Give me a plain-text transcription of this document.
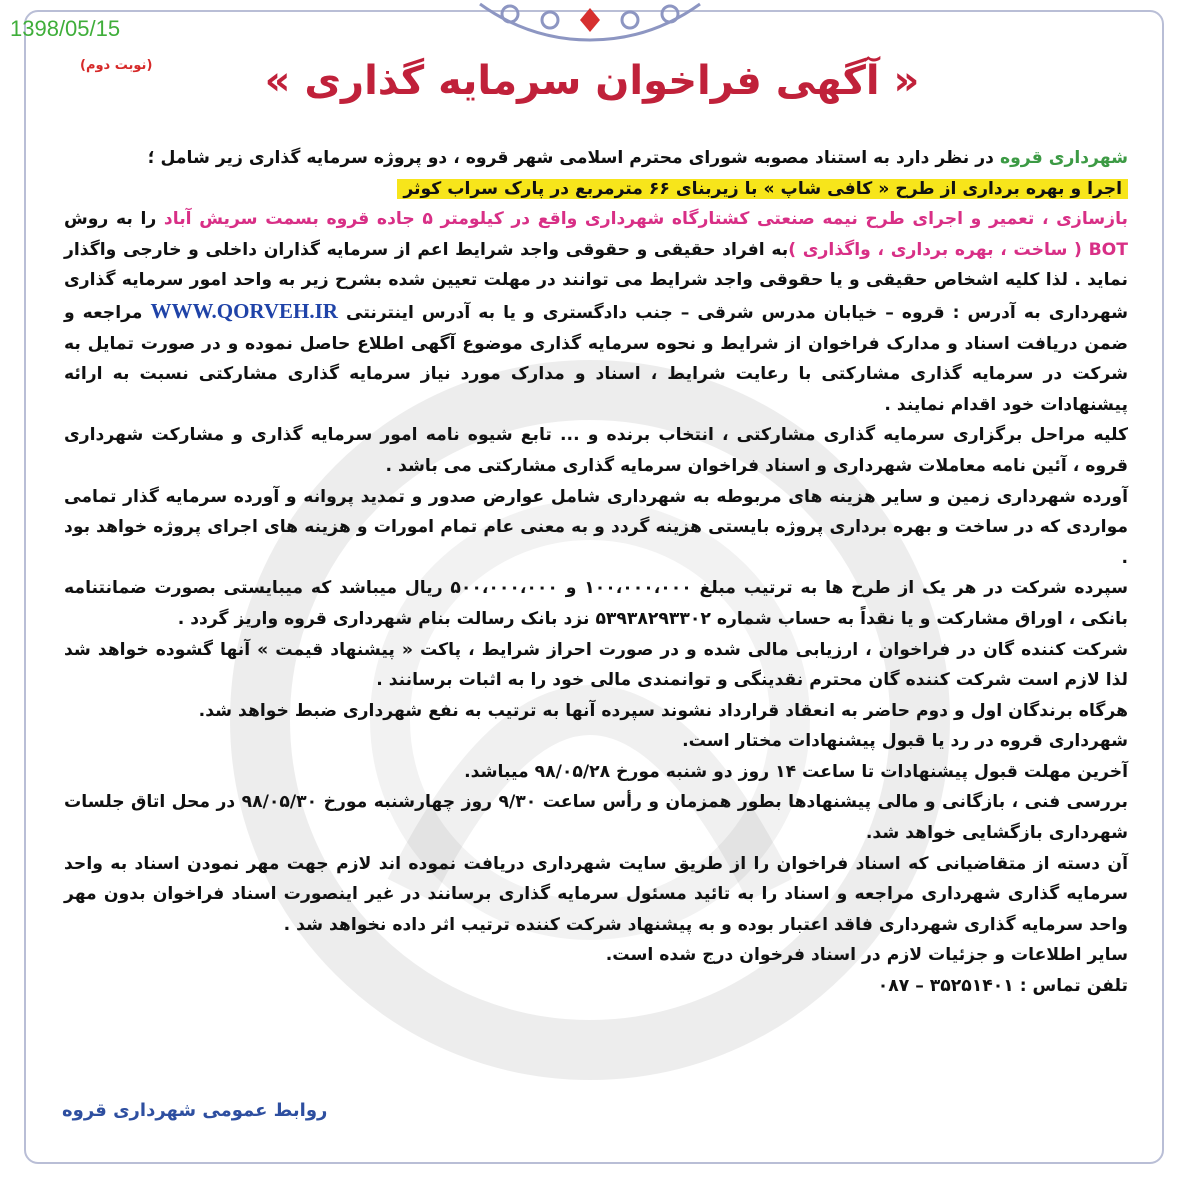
1398/05/15
(نوبت دوم)	« آگهی فراخوان سرمایه گذاری »

شهرداری قروه در نظر دارد به استناد مصوبه شورای محترم اسلامی شهر قروه ، دو پروژه سرمایه گذاری زیر شامل ؛

اجرا و بهره برداری از طرح « کافی شاپ » با زیربنای ۶۶ مترمربع در پارک سراب کوثر

بازسازی ، تعمیر و اجرای طرح نیمه صنعتی کشتارگاه شهرداری واقع در کیلومتر ۵ جاده قروه بسمت سریش آباد را به روش BOT ( ساخت ، بهره برداری ، واگذاری )به افراد حقیقی و حقوقی واجد شرایط اعم از سرمایه گذاران داخلی و خارجی واگذار نماید . لذا کلیه اشخاص حقیقی و یا حقوقی واجد شرایط می توانند در مهلت تعیین شده بشرح زیر به واحد امور سرمایه گذاری شهرداری به آدرس : قروه – خیابان مدرس شرقی – جنب دادگستری و یا به آدرس اینترنتی WWW.QORVEH.IR مراجعه و ضمن دریافت اسناد و مدارک فراخوان از شرایط و نحوه سرمایه گذاری موضوع آگهی اطلاع حاصل نموده و در صورت تمایل به شرکت در سرمایه گذاری مشارکتی با رعایت شرایط ، اسناد و مدارک مورد نیاز سرمایه گذاری مشارکتی نسبت به ارائه پیشنهادات خود اقدام نمایند .

کلیه مراحل برگزاری سرمایه گذاری مشارکتی ، انتخاب برنده و ... تابع شیوه نامه امور سرمایه گذاری و مشارکت شهرداری قروه ، آئین نامه معاملات شهرداری و اسناد فراخوان سرمایه گذاری مشارکتی می باشد .

آورده شهرداری زمین و سایر هزینه های مربوطه به شهرداری شامل عوارض صدور و تمدید پروانه و آورده سرمایه گذار تمامی مواردی که در ساخت و بهره برداری پروژه بایستی هزینه گردد و به معنی عام تمام امورات و هزینه های اجرای پروژه خواهد بود .

سپرده شرکت در هر یک از طرح ها به ترتیب مبلغ ۱۰۰،۰۰۰،۰۰۰ و ۵۰۰،۰۰۰،۰۰۰ ریال میباشد که میبایستی بصورت ضمانتنامه بانکی ، اوراق مشارکت و یا نقداً به حساب شماره ۵۳۹۳۸۲۹۳۳۰۲ نزد بانک رسالت بنام شهرداری قروه واریز گردد .

شرکت کننده گان در فراخوان ، ارزیابی مالی شده و در صورت احراز شرایط ، پاکت « پیشنهاد قیمت » آنها گشوده خواهد شد لذا لازم است شرکت کننده گان محترم نقدینگی و توانمندی مالی خود را به اثبات برسانند .

هرگاه برندگان اول و دوم حاضر به انعقاد قرارداد نشوند سپرده آنها به ترتیب به نفع شهرداری ضبط خواهد شد.

شهرداری قروه در رد یا قبول پیشنهادات مختار است.

آخرین مهلت قبول پیشنهادات تا ساعت ۱۴ روز دو شنبه مورخ ۹۸/۰۵/۲۸ میباشد.

بررسی فنی ، بازگانی و مالی پیشنهادها بطور همزمان و رأس ساعت ۹/۳۰ روز چهارشنبه مورخ ۹۸/۰۵/۳۰ در محل اتاق جلسات شهرداری بازگشایی خواهد شد.

آن دسته از متقاضیانی که اسناد فراخوان را از طریق سایت شهرداری دریافت نموده اند لازم جهت مهر نمودن اسناد به واحد سرمایه گذاری شهرداری مراجعه و اسناد را به تائید مسئول سرمایه گذاری برسانند در غیر اینصورت اسناد فراخوان بدون مهر واحد سرمایه گذاری شهرداری فاقد اعتبار بوده و به پیشنهاد شرکت کننده ترتیب اثر داده نخواهد شد .

سایر اطلاعات و جزئیات لازم در اسناد فرخوان درج شده است.

تلفن تماس : ۳۵۲۵۱۴۰۱ – ۰۸۷

روابط عمومی شهرداری قروه
